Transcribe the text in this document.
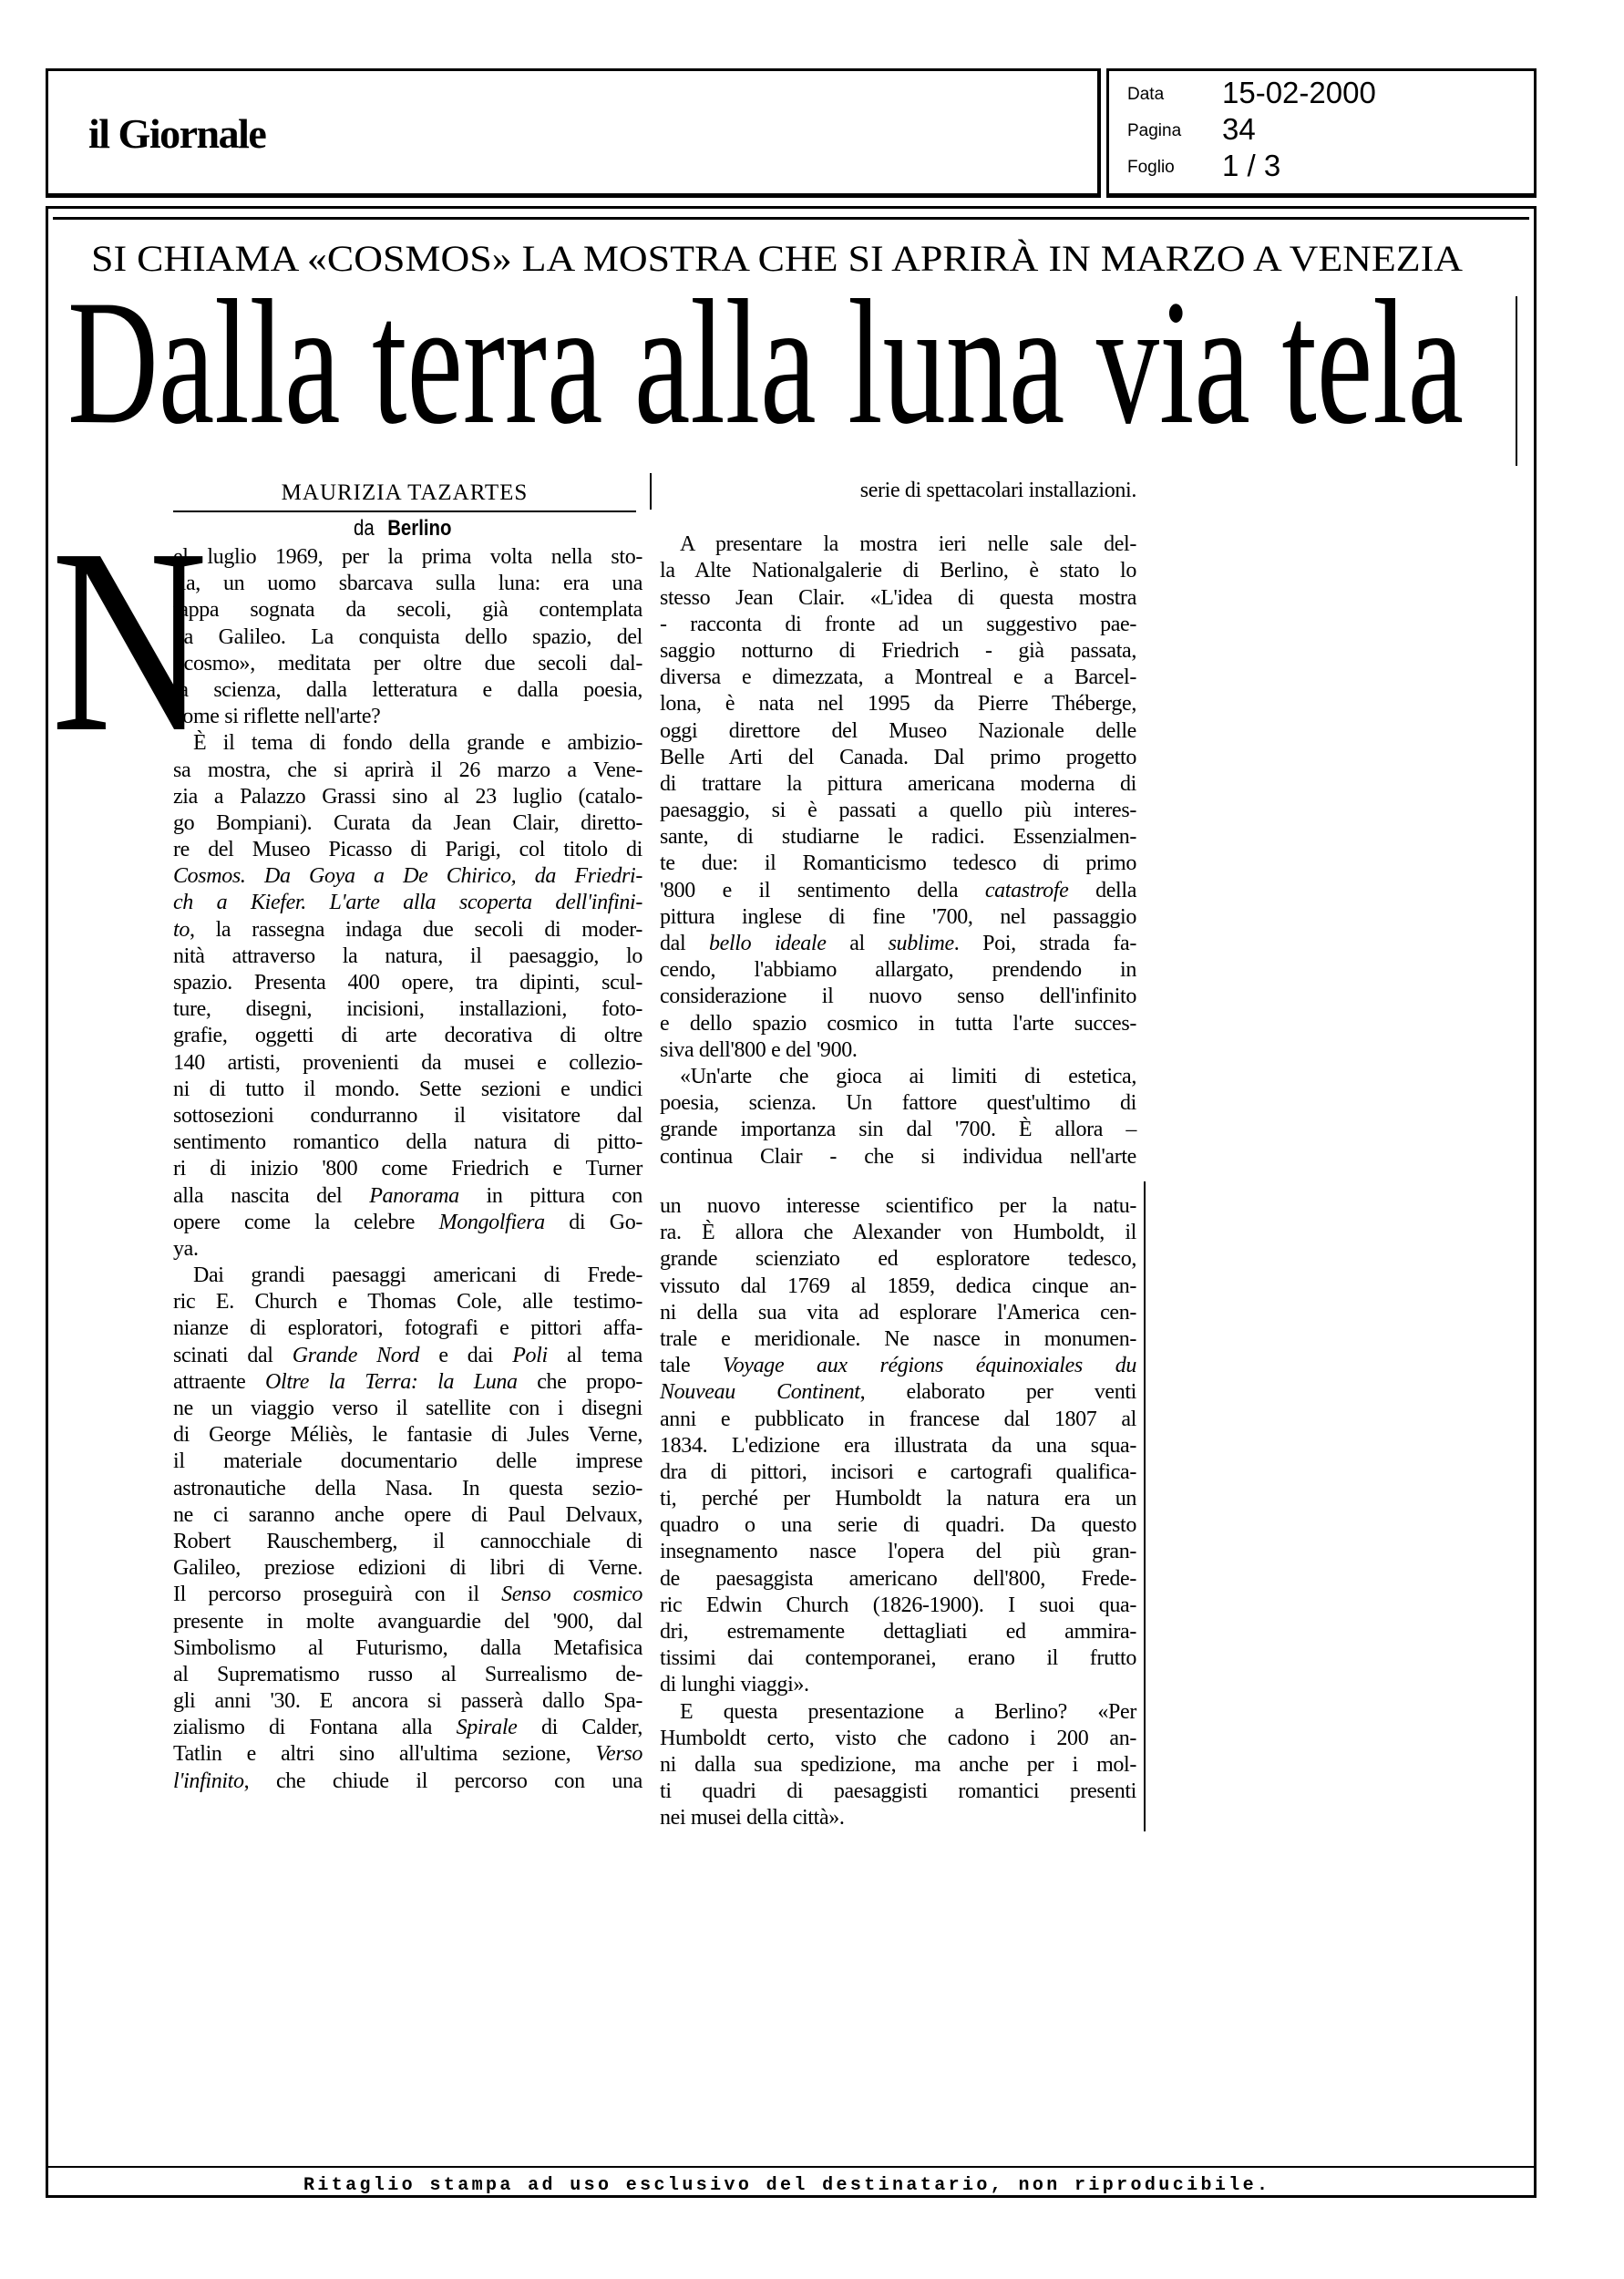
il Giornale
Data 15-02-2000
Pagina 34
Foglio 1 / 3
SI CHIAMA «COSMOS» LA MOSTRA CHE SI APRIRÀ IN MARZO A VENEZIA
Dalla terra alla luna via tela
MAURIZIA TAZARTES
da Berlino
N
el luglio 1969, per la prima volta nella sto-
ria, un uomo sbarcava sulla luna: era una
tappa sognata da secoli, già contemplata
da Galileo. La conquista dello spazio, del
«cosmo», meditata per oltre due secoli dal-
la scienza, dalla letteratura e dalla poesia,
come si riflette nell'arte?
È il tema di fondo della grande e ambizio-
sa mostra, che si aprirà il 26 marzo a Vene-
zia a Palazzo Grassi sino al 23 luglio (catalo-
go Bompiani). Curata da Jean Clair, diretto-
re del Museo Picasso di Parigi, col titolo di
Cosmos. Da Goya a De Chirico, da Friedri-
ch a Kiefer. L'arte alla scoperta dell'infini-
to, la rassegna indaga due secoli di moder-
nità attraverso la natura, il paesaggio, lo
spazio. Presenta 400 opere, tra dipinti, scul-
ture, disegni, incisioni, installazioni, foto-
grafie, oggetti di arte decorativa di oltre
140 artisti, provenienti da musei e collezio-
ni di tutto il mondo. Sette sezioni e undici
sottosezioni condurranno il visitatore dal
sentimento romantico della natura di pitto-
ri di inizio '800 come Friedrich e Turner
alla nascita del Panorama in pittura con
opere come la celebre Mongolfiera di Go-
ya.
Dai grandi paesaggi americani di Frede-
ric E. Church e Thomas Cole, alle testimo-
nianze di esploratori, fotografi e pittori affa-
scinati dal Grande Nord e dai Poli al tema
attraente Oltre la Terra: la Luna che propo-
ne un viaggio verso il satellite con i disegni
di George Méliès, le fantasie di Jules Verne,
il materiale documentario delle imprese
astronautiche della Nasa. In questa sezio-
ne ci saranno anche opere di Paul Delvaux,
Robert Rauschemberg, il cannocchiale di
Galileo, preziose edizioni di libri di Verne.
Il percorso proseguirà con il Senso cosmico
presente in molte avanguardie del '900, dal
Simbolismo al Futurismo, dalla Metafisica
al Suprematismo russo al Surrealismo de-
gli anni '30. E ancora si passerà dallo Spa-
zialismo di Fontana alla Spirale di Calder,
Tatlin e altri sino all'ultima sezione, Verso
l'infinito, che chiude il percorso con una
serie di spettacolari installazioni.
A presentare la mostra ieri nelle sale del-
la Alte Nationalgalerie di Berlino, è stato lo
stesso Jean Clair. «L'idea di questa mostra
- racconta di fronte ad un suggestivo pae-
saggio notturno di Friedrich - già passata,
diversa e dimezzata, a Montreal e a Barcel-
lona, è nata nel 1995 da Pierre Théberge,
oggi direttore del Museo Nazionale delle
Belle Arti del Canada. Dal primo progetto
di trattare la pittura americana moderna di
paesaggio, si è passati a quello più interes-
sante, di studiarne le radici. Essenzialmen-
te due: il Romanticismo tedesco di primo
'800 e il sentimento della catastrofe della
pittura inglese di fine '700, nel passaggio
dal bello ideale al sublime. Poi, strada fa-
cendo, l'abbiamo allargato, prendendo in
considerazione il nuovo senso dell'infinito
e dello spazio cosmico in tutta l'arte succes-
siva dell'800 e del '900.
«Un'arte che gioca ai limiti di estetica,
poesia, scienza. Un fattore quest'ultimo di
grande importanza sin dal '700. È allora –
continua Clair - che si individua nell'arte
un nuovo interesse scientifico per la natu-
ra. È allora che Alexander von Humboldt, il
grande scienziato ed esploratore tedesco,
vissuto dal 1769 al 1859, dedica cinque an-
ni della sua vita ad esplorare l'America cen-
trale e meridionale. Ne nasce in monumen-
tale Voyage aux régions équinoxiales du
Nouveau Continent, elaborato per venti
anni e pubblicato in francese dal 1807 al
1834. L'edizione era illustrata da una squa-
dra di pittori, incisori e cartografi qualifica-
ti, perché per Humboldt la natura era un
quadro o una serie di quadri. Da questo
insegnamento nasce l'opera del più gran-
de paesaggista americano dell'800, Frede-
ric Edwin Church (1826-1900). I suoi qua-
dri, estremamente dettagliati ed ammira-
tissimi dai contemporanei, erano il frutto
di lunghi viaggi».
E questa presentazione a Berlino? «Per
Humboldt certo, visto che cadono i 200 an-
ni dalla sua spedizione, ma anche per i mol-
ti quadri di paesaggisti romantici presenti
nei musei della città».
Ritaglio stampa ad uso esclusivo del destinatario, non riproducibile.
